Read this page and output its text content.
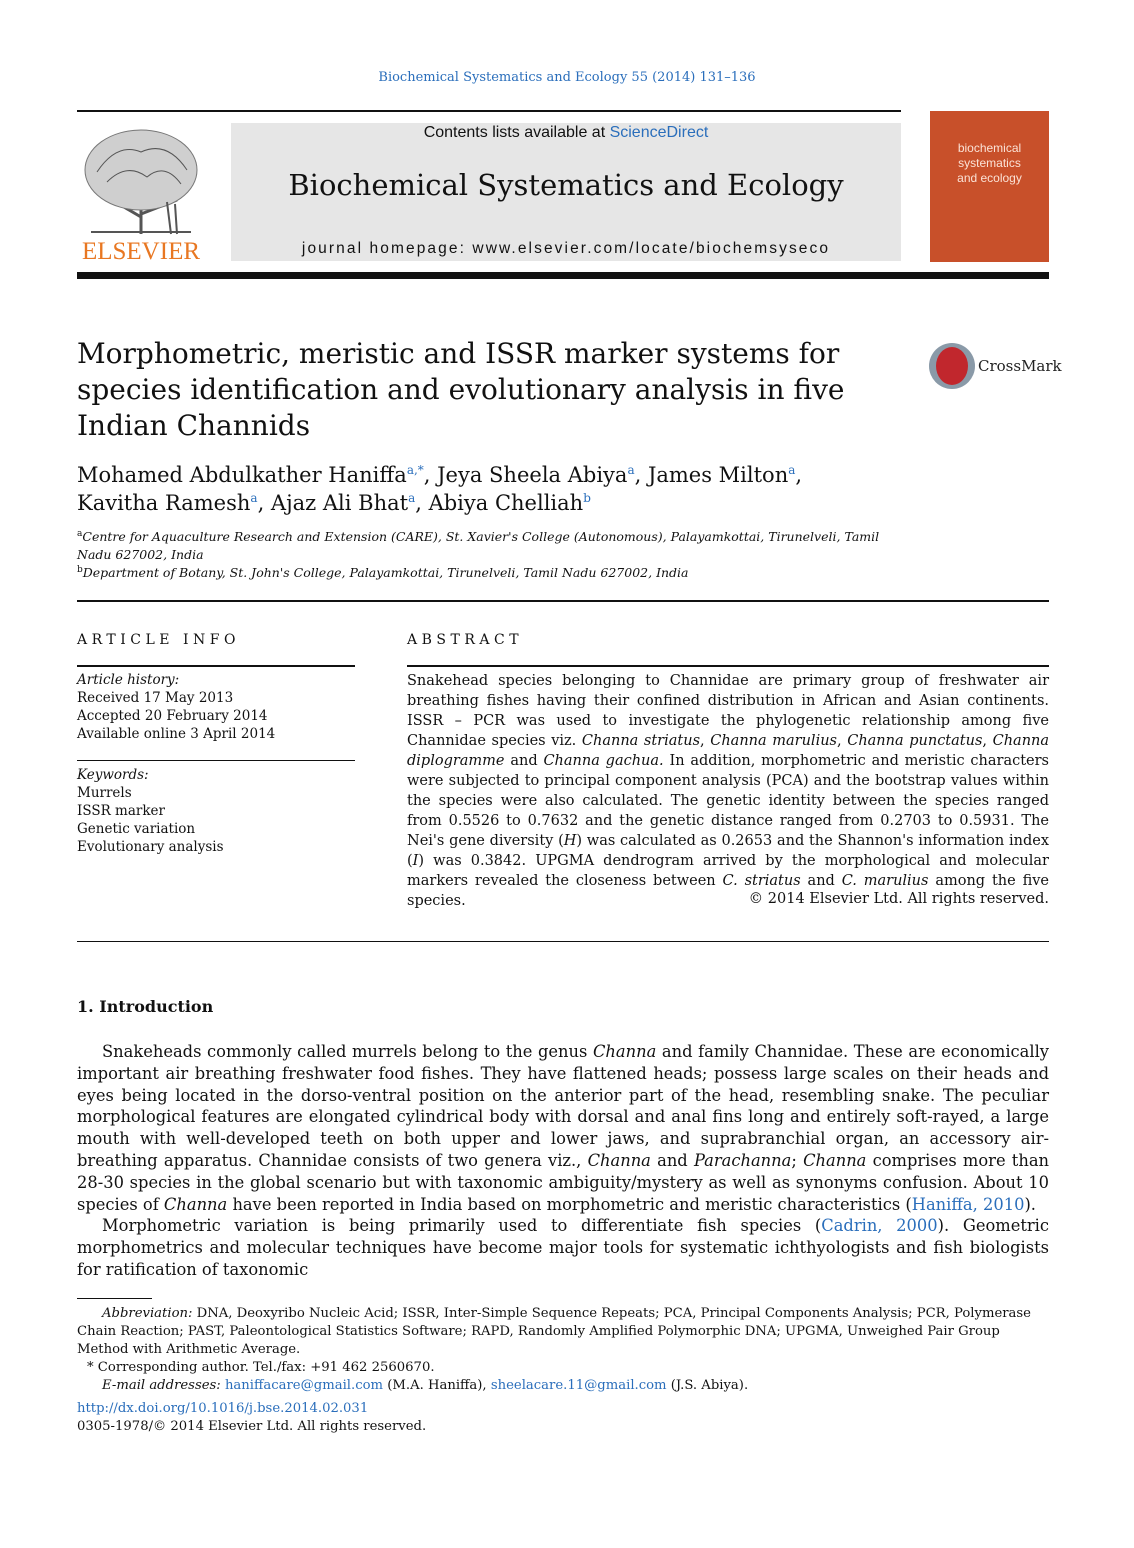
Biochemical Systematics and Ecology 55 (2014) 131–136
ELSEVIER
Contents lists available at ScienceDirect
Biochemical Systematics and Ecology
journal homepage: www.elsevier.com/locate/biochemsyseco
biochemical
systematics
and ecology
Morphometric, meristic and ISSR marker systems for species identification and evolutionary analysis in five Indian Channids
CrossMark
Mohamed Abdulkather Haniffa$^{a,*}$, Jeya Sheela Abiya$^a$, James Milton$^a$,
Kavitha Ramesh$^a$, Ajaz Ali Bhat$^a$, Abiya Chelliah$^b$
$^a$Centre for Aquaculture Research and Extension (CARE), St. Xavier's College (Autonomous), Palayamkottai, Tirunelveli, Tamil Nadu 627002, India
$^b$Department of Botany, St. John's College, Palayamkottai, Tirunelveli, Tamil Nadu 627002, India
ARTICLE INFO	ABSTRACT
Article history:
Received 17 May 2013
Accepted 20 February 2014
Available online 3 April 2014
Keywords:
Murrels
ISSR marker
Genetic variation
Evolutionary analysis
Snakehead species belonging to Channidae are primary group of freshwater air breathing fishes having their confined distribution in African and Asian continents. ISSR – PCR was used to investigate the phylogenetic relationship among five Channidae species viz. Channa striatus, Channa marulius, Channa punctatus, Channa diplogramme and Channa gachua. In addition, morphometric and meristic characters were subjected to principal component analysis (PCA) and the bootstrap values within the species were also calculated. The genetic identity between the species ranged from 0.5526 to 0.7632 and the genetic distance ranged from 0.2703 to 0.5931. The Nei's gene diversity (H) was calculated as 0.2653 and the Shannon's information index (I) was 0.3842. UPGMA dendrogram arrived by the morphological and molecular markers revealed the closeness between C. striatus and C. marulius among the five species.	© 2014 Elsevier Ltd. All rights reserved.
1. Introduction

Snakeheads commonly called murrels belong to the genus Channa and family Channidae. These are economically important air breathing freshwater food fishes. They have flattened heads; possess large scales on their heads and eyes being located in the dorso-ventral position on the anterior part of the head, resembling snake. The peculiar morphological features are elongated cylindrical body with dorsal and anal fins long and entirely soft-rayed, a large mouth with well-developed teeth on both upper and lower jaws, and suprabranchial organ, an accessory air-breathing apparatus. Channidae consists of two genera viz., Channa and Parachanna; Channa comprises more than 28-30 species in the global scenario but with taxonomic ambiguity/mystery as well as synonyms confusion. About 10 species of Channa have been reported in India based on morphometric and meristic characteristics (Haniffa, 2010).

Morphometric variation is being primarily used to differentiate fish species (Cadrin, 2000). Geometric morphometrics and molecular techniques have become major tools for systematic ichthyologists and fish biologists for ratification of taxonomic

Abbreviation: DNA, Deoxyribo Nucleic Acid; ISSR, Inter-Simple Sequence Repeats; PCA, Principal Components Analysis; PCR, Polymerase Chain Reaction; PAST, Paleontological Statistics Software; RAPD, Randomly Amplified Polymorphic DNA; UPGMA, Unweighed Pair Group Method with Arithmetic Average.

* Corresponding author. Tel./fax: +91 462 2560670.

E-mail addresses: haniffacare@gmail.com (M.A. Haniffa), sheelacare.11@gmail.com (J.S. Abiya).

http://dx.doi.org/10.1016/j.bse.2014.02.031
0305-1978/© 2014 Elsevier Ltd. All rights reserved.
